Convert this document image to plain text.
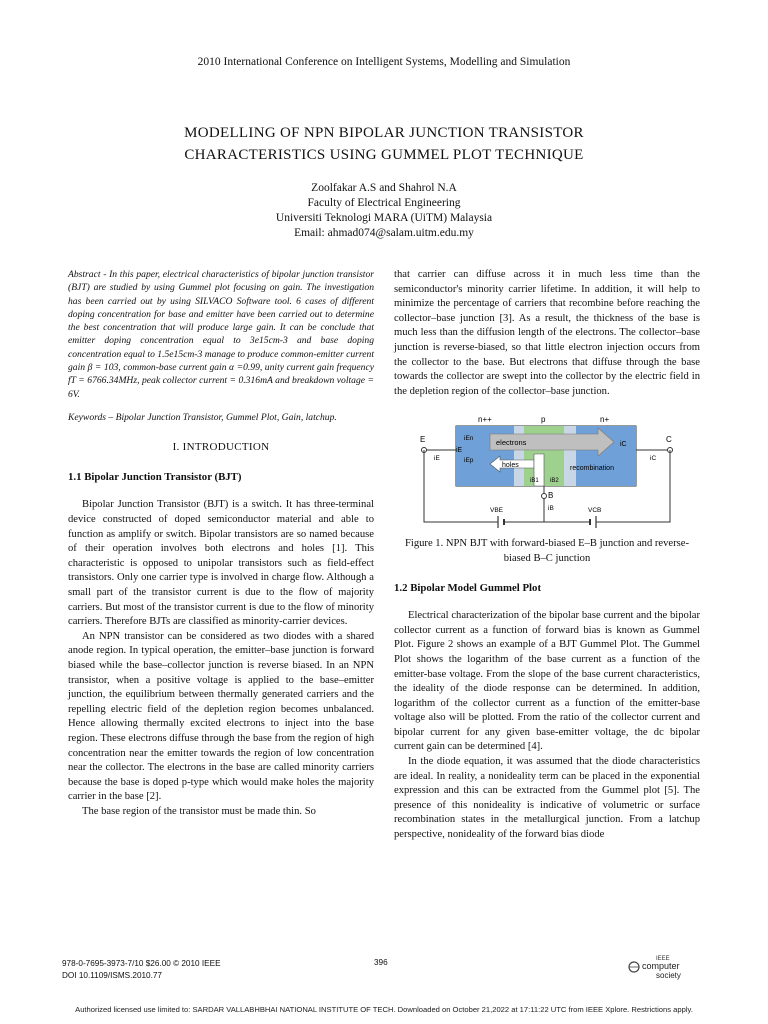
2010 International Conference on Intelligent Systems, Modelling and Simulation
MODELLING OF NPN BIPOLAR JUNCTION TRANSISTOR
CHARACTERISTICS USING GUMMEL PLOT TECHNIQUE
Zoolfakar A.S and Shahrol N.A
Faculty of Electrical Engineering
Universiti Teknologi MARA (UiTM) Malaysia
Email: ahmad074@salam.uitm.edu.my

Abstract - In this paper, electrical characteristics of bipolar junction transistor (BJT) are studied by using Gummel plot focusing on gain. The investigation has been carried out by using SILVACO Software tool. 6 cases of different doping concentration for base and emitter have been carried out to determine the best concentration that will produce large gain. It can be conclude that emitter doping concentration equal to 3e15cm-3 and base doping concentration equal to 1.5e15cm-3 manage to produce common-emitter current gain β = 103, common-base current gain α =0.99, unity current gain frequency fT = 6766.34MHz, peak collector current = 0.316mA and breakdown voltage = 6V.

Keywords – Bipolar Junction Transistor, Gummel Plot, Gain, latchup.

I. INTRODUCTION
1.1 Bipolar Junction Transistor (BJT)

Bipolar Junction Transistor (BJT) is a switch. It has three-terminal device constructed of doped semiconductor material and able to function as amplify or switch. Bipolar transistors are so named because of their operation involves both electrons and holes [1]. This characteristic is opposed to unipolar transistors such as field-effect transistors. Only one carrier type is involved in charge flow. Although a small part of the transistor current is due to the flow of majority carriers. But most of the transistor current is due to the flow of minority carriers. Therefore BJTs are classified as minority-carrier devices.

An NPN transistor can be considered as two diodes with a shared anode region. In typical operation, the emitter–base junction is forward biased while the base–collector junction is reverse biased. In an NPN transistor, when a positive voltage is applied to the base–emitter junction, the equilibrium between thermally generated carriers and the repelling electric field of the depletion region becomes unbalanced. Hence allowing thermally excited electrons to inject into the base region. These electrons diffuse through the base from the region of high concentration near the emitter towards the region of low concentration near the collector. The electrons in the base are called minority carriers because the base is doped p-type which would make holes the majority carrier in the base [2].

The base region of the transistor must be made thin. So

that carrier can diffuse across it in much less time than the semiconductor's minority carrier lifetime. In addition, it will help to minimize the percentage of carriers that recombine before reaching the collector–base junction [3]. As a result, the thickness of the base is much less than the diffusion length of the electrons. The collector–base junction is reverse-biased, so that little electron injection occurs from the collector to the base. But electrons that diffuse through the base towards the collector are swept into the collector by the electric field in the depletion region of the collector–base junction.

n++	p	n+
electrons
holes	recombination
iB1 iB2
iEn
iEp
iE
iC
E
iE
C
iC
B
iB
VBE	VCB
Figure 1. NPN BJT with forward-biased E–B junction and reverse-biased B–C junction
1.2 Bipolar Model Gummel Plot

Electrical characterization of the bipolar base current and the bipolar collector current as a function of forward bias is known as Gummel Plot. Figure 2 shows an example of a BJT Gummel Plot. The Gummel Plot shows the logarithm of the base current as a function of the emitter-base voltage. From the slope of the base current characteristics, the ideality of the diode response can be determined. In addition, logarithm of the collector current as a function of the emitter-base voltage also will be plotted. From the ratio of the collector current and bipolar current for any given base-emitter voltage, the dc bipolar current gain can be determined [4].

In the diode equation, it was assumed that the diode characteristics are ideal. In reality, a nonideality term can be placed in the exponential expression and this can be extracted from the Gummel plot [5]. The presence of this nonideality is indicative of volumetric or surface recombination states in the metallurgical junction. From a latchup perspective, nonideality of the forward bias diode

978-0-7695-3973-7/10 $26.00 © 2010 IEEE
DOI 10.1109/ISMS.2010.77
396	IEEE
computer
society
Authorized licensed use limited to: SARDAR VALLABHBHAI NATIONAL INSTITUTE OF TECH. Downloaded on October 21,2022 at 17:11:22 UTC from IEEE Xplore. Restrictions apply.
